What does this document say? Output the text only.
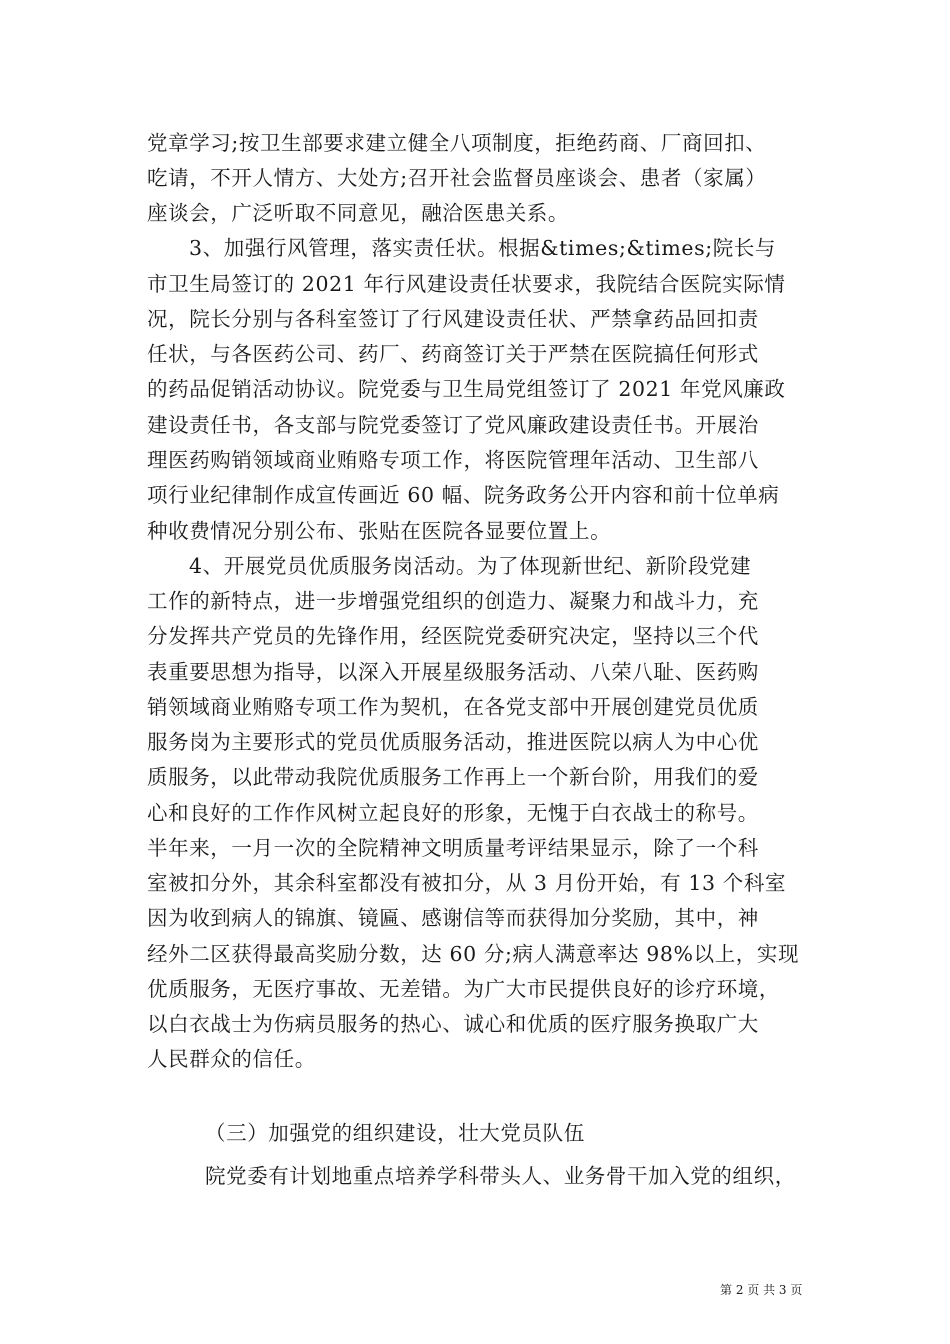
党章学习;按卫生部要求建立健全八项制度，拒绝药商、厂商回扣、
吃请，不开人情方、大处方;召开社会监督员座谈会、患者（家属）
座谈会，广泛听取不同意见，融洽医患关系。
3、加强行风管理，落实责任状。根据&times;&times;院长与
市卫生局签订的 2021 年行风建设责任状要求，我院结合医院实际情
况，院长分别与各科室签订了行风建设责任状、严禁拿药品回扣责
任状，与各医药公司、药厂、药商签订关于严禁在医院搞任何形式
的药品促销活动协议。院党委与卫生局党组签订了 2021 年党风廉政
建设责任书，各支部与院党委签订了党风廉政建设责任书。开展治
理医药购销领域商业贿赂专项工作，将医院管理年活动、卫生部八
项行业纪律制作成宣传画近 60 幅、院务政务公开内容和前十位单病
种收费情况分别公布、张贴在医院各显要位置上。
4、开展党员优质服务岗活动。为了体现新世纪、新阶段党建
工作的新特点，进一步增强党组织的创造力、凝聚力和战斗力，充
分发挥共产党员的先锋作用，经医院党委研究决定，坚持以三个代
表重要思想为指导，以深入开展星级服务活动、八荣八耻、医药购
销领域商业贿赂专项工作为契机，在各党支部中开展创建党员优质
服务岗为主要形式的党员优质服务活动，推进医院以病人为中心优
质服务，以此带动我院优质服务工作再上一个新台阶，用我们的爱
心和良好的工作作风树立起良好的形象，无愧于白衣战士的称号。
半年来，一月一次的全院精神文明质量考评结果显示，除了一个科
室被扣分外，其余科室都没有被扣分，从 3 月份开始，有 13 个科室
因为收到病人的锦旗、镜匾、感谢信等而获得加分奖励，其中，神
经外二区获得最高奖励分数，达 60 分;病人满意率达 98%以上，实现
优质服务，无医疗事故、无差错。为广大市民提供良好的诊疗环境，
以白衣战士为伤病员服务的热心、诚心和优质的医疗服务换取广大
人民群众的信任。
（三）加强党的组织建设，壮大党员队伍
院党委有计划地重点培养学科带头人、业务骨干加入党的组织，
第 2 页 共 3 页
